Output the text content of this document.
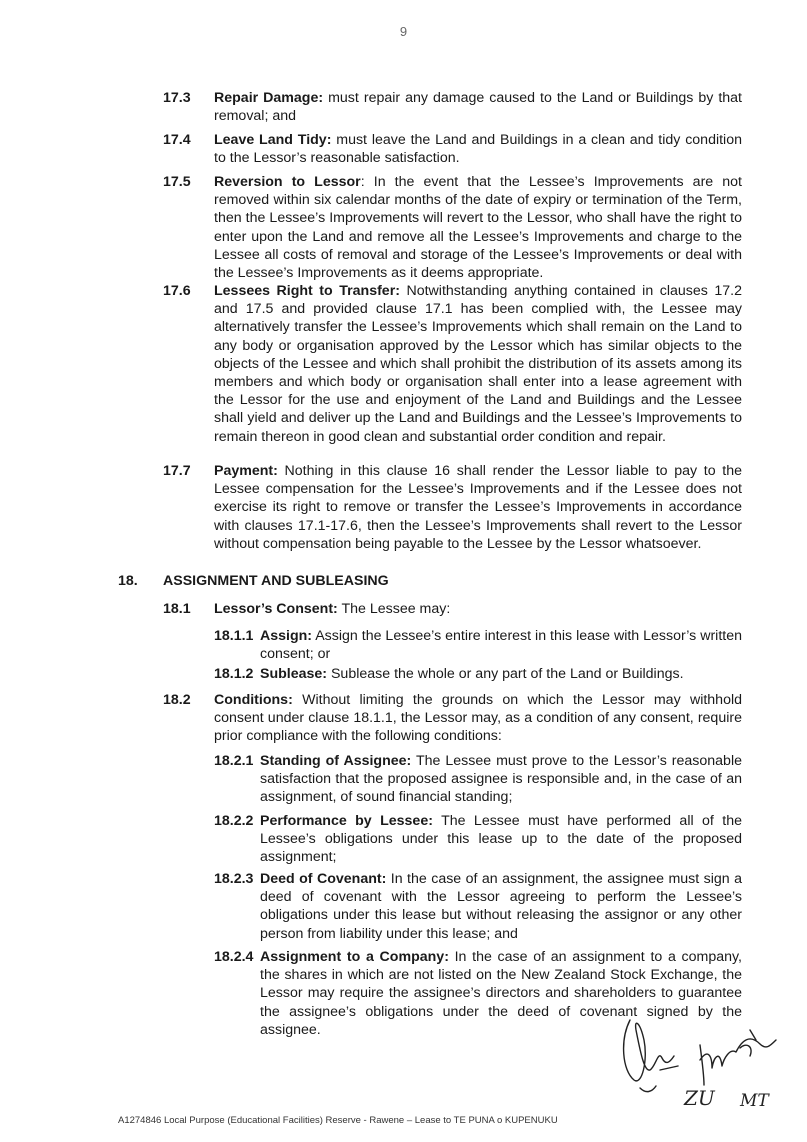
9
17.3 Repair Damage: must repair any damage caused to the Land or Buildings by that removal; and
17.4 Leave Land Tidy: must leave the Land and Buildings in a clean and tidy condition to the Lessor’s reasonable satisfaction.
17.5 Reversion to Lessor: In the event that the Lessee’s Improvements are not removed within six calendar months of the date of expiry or termination of the Term, then the Lessee’s Improvements will revert to the Lessor, who shall have the right to enter upon the Land and remove all the Lessee’s Improvements and charge to the Lessee all costs of removal and storage of the Lessee’s Improvements or deal with the Lessee’s Improvements as it deems appropriate.
17.6 Lessees Right to Transfer: Notwithstanding anything contained in clauses 17.2 and 17.5 and provided clause 17.1 has been complied with, the Lessee may alternatively transfer the Lessee’s Improvements which shall remain on the Land to any body or organisation approved by the Lessor which has similar objects to the objects of the Lessee and which shall prohibit the distribution of its assets among its members and which body or organisation shall enter into a lease agreement with the Lessor for the use and enjoyment of the Land and Buildings and the Lessee shall yield and deliver up the Land and Buildings and the Lessee’s Improvements to remain thereon in good clean and substantial order condition and repair.
17.7 Payment: Nothing in this clause 16 shall render the Lessor liable to pay to the Lessee compensation for the Lessee’s Improvements and if the Lessee does not exercise its right to remove or transfer the Lessee’s Improvements in accordance with clauses 17.1-17.6, then the Lessee’s Improvements shall revert to the Lessor without compensation being payable to the Lessee by the Lessor whatsoever.
18. ASSIGNMENT AND SUBLEASING
18.1 Lessor’s Consent: The Lessee may:
18.1.1 Assign: Assign the Lessee’s entire interest in this lease with Lessor’s written consent; or
18.1.2 Sublease: Sublease the whole or any part of the Land or Buildings.
18.2 Conditions: Without limiting the grounds on which the Lessor may withhold consent under clause 18.1.1, the Lessor may, as a condition of any consent, require prior compliance with the following conditions:
18.2.1 Standing of Assignee: The Lessee must prove to the Lessor’s reasonable satisfaction that the proposed assignee is responsible and, in the case of an assignment, of sound financial standing;
18.2.2 Performance by Lessee: The Lessee must have performed all of the Lessee’s obligations under this lease up to the date of the proposed assignment;
18.2.3 Deed of Covenant: In the case of an assignment, the assignee must sign a deed of covenant with the Lessor agreeing to perform the Lessee’s obligations under this lease but without releasing the assignor or any other person from liability under this lease; and
18.2.4 Assignment to a Company: In the case of an assignment to a company, the shares in which are not listed on the New Zealand Stock Exchange, the Lessor may require the assignee’s directors and shareholders to guarantee the assignee’s obligations under the deed of covenant signed by the assignee.
ZU MT
A1274846 Local Purpose (Educational Facilities) Reserve - Rawene – Lease to TE PUNA o KUPENUKU
